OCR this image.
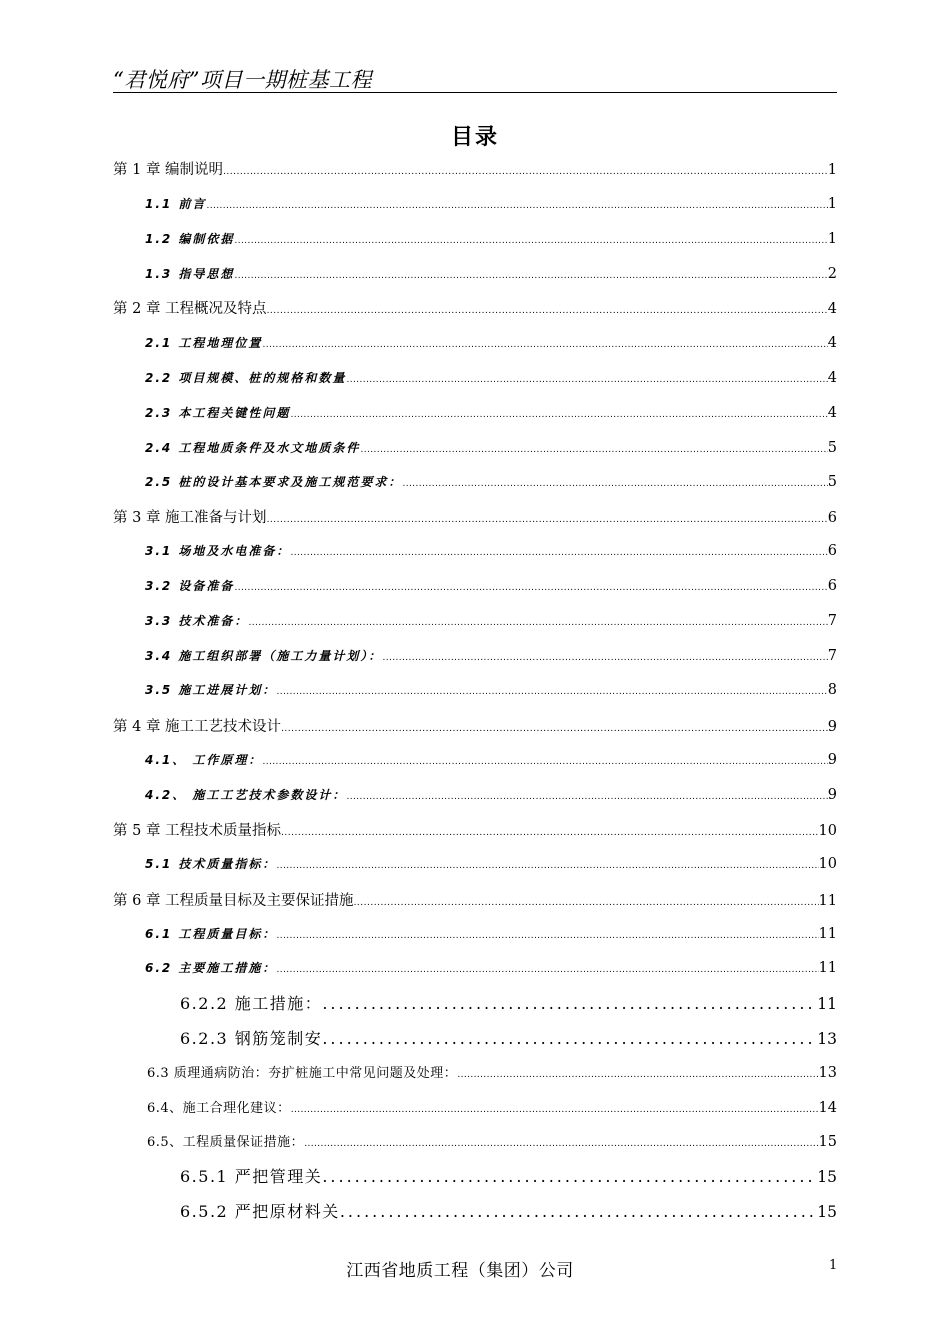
“君悦府”项目一期桩基工程
目录
第 1 章 编制说明 .....	1
1.1 前言 .....	1
1.2 编制依据 .....	1
1.3 指导思想 .....	2
第 2 章 工程概况及特点 .....	4
2.1 工程地理位置 .....	4
2.2 项目规模、桩的规格和数量 .....	4
2.3 本工程关键性问题 .....	4
2.4 工程地质条件及水文地质条件 .....	5
2.5 桩的设计基本要求及施工规范要求： .....	5
第 3 章 施工准备与计划 .....	6
3.1 场地及水电准备： .....	6
3.2 设备准备 .....	6
3.3 技术准备： .....	7
3.4 施工组织部署（施工力量计划）： .....	7
3.5 施工进展计划： .....	8
第 4 章 施工工艺技术设计 .....	9
4.1、 工作原理： .....	9
4.2、 施工工艺技术参数设计： .....	9
第 5 章 工程技术质量指标 .....	10
5.1 技术质量指标： .....	10
第 6 章 工程质量目标及主要保证措施 .....	11
6.1 工程质量目标： .....	11
6.2 主要施工措施： .....	11
6.2.2 施工措施： .....	11
6.2.3 钢筋笼制安 .....	13
6.3 质理通病防治：夯扩桩施工中常见问题及处理： .....	13
6.4、施工合理化建议： .....	14
6.5、工程质量保证措施： .....	15
6.5.1 严把管理关 .....	15
6.5.2 严把原材料关 .....	15
江西省地质工程（集团）公司	1
